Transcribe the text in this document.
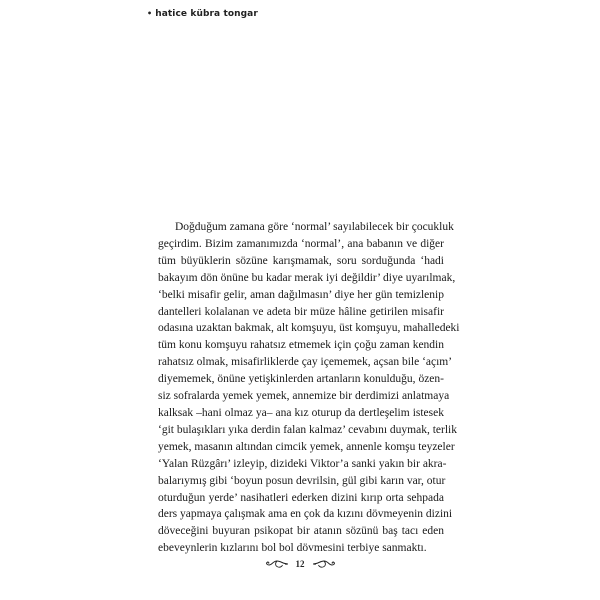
• hatice kübra tongar
Doğduğum zamana göre ‘normal’ sayılabilecek bir çocukluk
geçirdim. Bizim zamanımızda ‘normal’, ana babanın ve diğer
tüm büyüklerin sözüne karışmamak, soru sorduğunda ‘hadi
bakayım dön önüne bu kadar merak iyi değildir’ diye uyarılmak,
‘belki misafir gelir, aman dağılmasın’ diye her gün temizlenip
dantelleri kolalanan ve adeta bir müze hâline getirilen misafir
odasına uzaktan bakmak, alt komşuyu, üst komşuyu, mahalledeki
tüm konu komşuyu rahatsız etmemek için çoğu zaman kendin
rahatsız olmak, misafirliklerde çay içememek, açsan bile ‘açım’
diyememek, önüne yetişkinlerden artanların konulduğu, özen-
siz sofralarda yemek yemek, annemize bir derdimizi anlatmaya
kalksak –hani olmaz ya– ana kız oturup da dertleşelim istesek
‘git bulaşıkları yıka derdin falan kalmaz’ cevabını duymak, terlik
yemek, masanın altından cimcik yemek, annenle komşu teyzeler
‘Yalan Rüzgârı’ izleyip, dizideki Viktor’a sanki yakın bir akra-
balarıymış gibi ‘boyun posun devrilsin, gül gibi karın var, otur
oturduğun yerde’ nasihatleri ederken dizini kırıp orta sehpada
ders yapmaya çalışmak ama en çok da kızını dövmeyenin dizini
döveceğini buyuran psikopat bir atanın sözünü baş tacı eden
ebeveynlerin kızlarını bol bol dövmesini terbiye sanmaktı.
12
